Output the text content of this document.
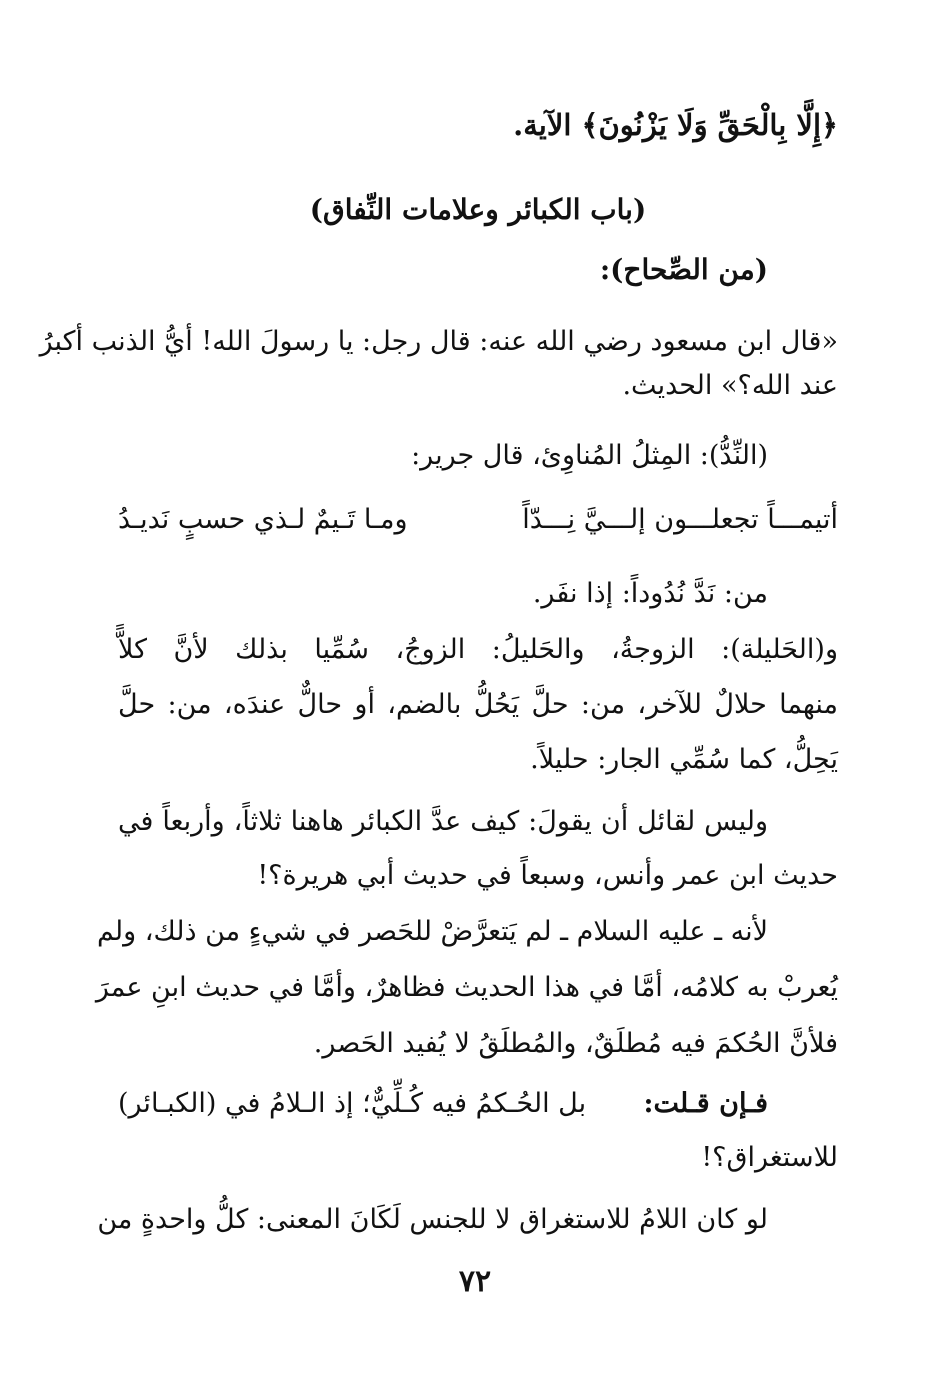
﴿إِلَّا بِالْحَقِّ وَلَا يَزْنُونَ﴾ الآية.
(باب الكبائر وعلامات النِّفاق)
(من الصِّحاح):
«قال ابن مسعود رضي الله عنه: قال رجل: يا رسولَ الله! أيُّ الذنب أكبرُ
عند الله؟» الحديث.
(النِّدُّ): المِثلُ المُناوِئ، قال جرير:
أتيمـــاً تجعلـــون إلـــيَّ نِـــدّاً
ومـا تَـيمٌ لـذي حسبٍ نَديـدُ
من: نَدَّ نُدُوداً: إذا نفَر.
و(الحَليلة): الزوجةُ، والحَليلُ: الزوجُ، سُمِّيا بذلك لأنَّ كلاًّ
منهما حلالٌ للآخر، من: حلَّ يَحُلُّ بالضم، أو حالٌّ عندَه، من: حلَّ
يَحِلُّ، كما سُمِّي الجار: حليلاً.
وليس لقائل أن يقولَ: كيف عدَّ الكبائر هاهنا ثلاثاً، وأربعاً في
حديث ابن عمر وأنس، وسبعاً في حديث أبي هريرة؟!
لأنه ـ عليه السلام ـ لم يَتعرَّضْ للحَصر في شيءٍ من ذلك، ولم
يُعربْ به كلامُه، أمَّا في هذا الحديث فظاهرٌ، وأمَّا في حديث ابنِ عمرَ
فلأنَّ الحُكمَ فيه مُطلَقٌ، والمُطلَقُ لا يُفيد الحَصر.
فـإن قـلت:
بل الحُـكمُ فيه كُـلِّيٌّ؛ إذ الـلامُ في (الكبـائر)
للاستغراق؟!
لو كان اللامُ للاستغراق لا للجنس لَكَانَ المعنى: كلُّ واحدةٍ من
٧٢
